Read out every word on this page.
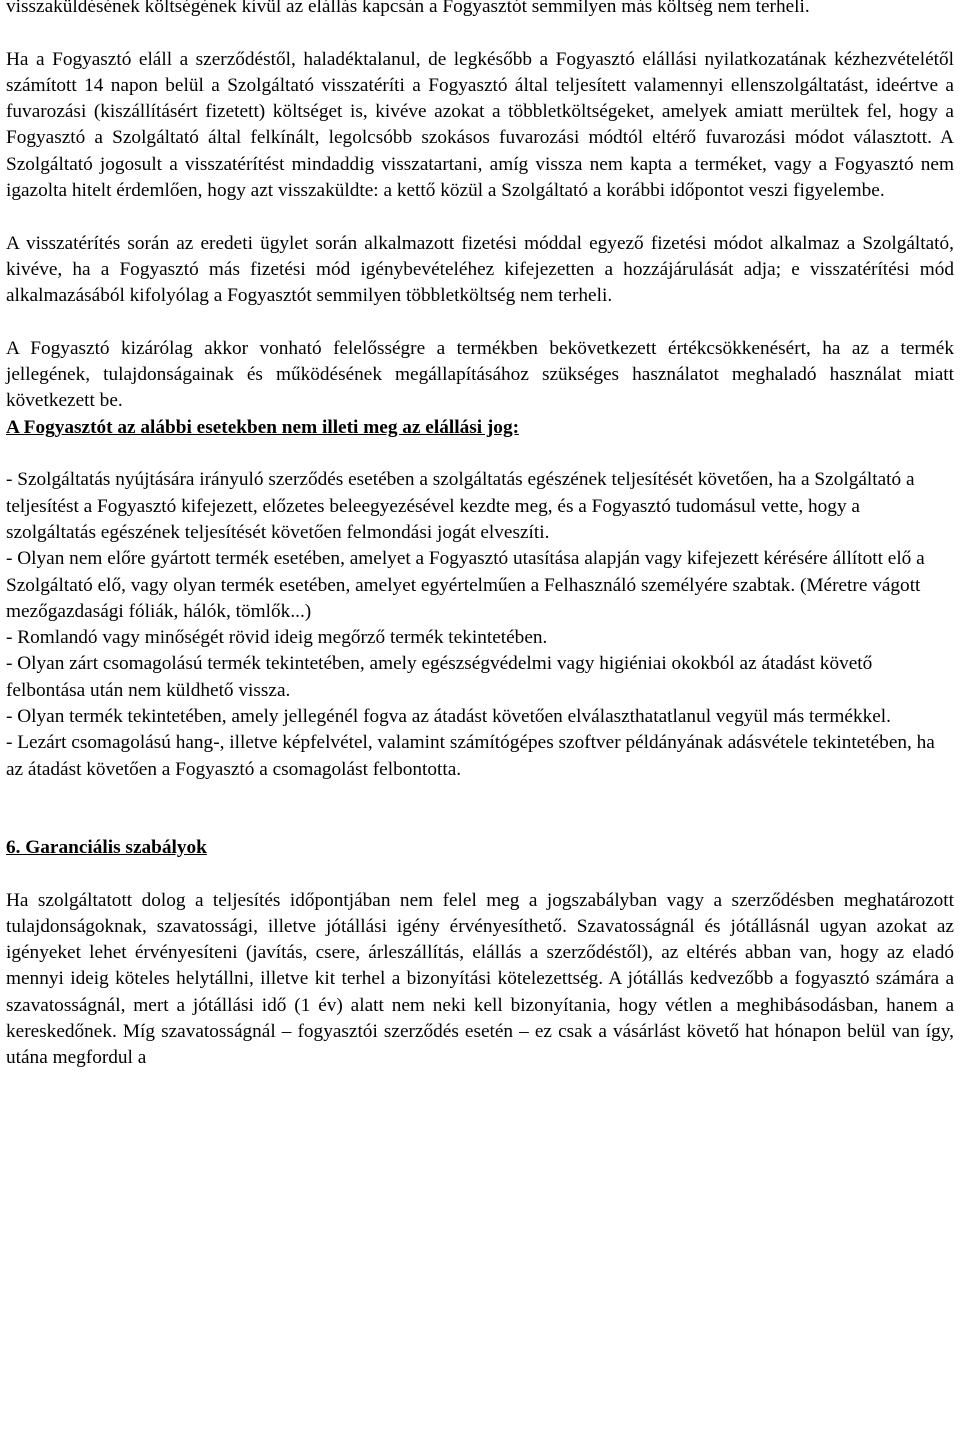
visszaküldésének költségének kívül az elállás kapcsán a Fogyasztót semmilyen más költség nem terheli.

Ha a Fogyasztó eláll a szerződéstől, haladéktalanul, de legkésőbb a Fogyasztó elállási nyilatkozatának kézhezvételétől számított 14 napon belül a Szolgáltató visszatéríti a Fogyasztó által teljesített valamennyi ellenszolgáltatást, ideértve a fuvarozási (kiszállításért fizetett) költséget is, kivéve azokat a többletköltségeket, amelyek amiatt merültek fel, hogy a Fogyasztó a Szolgáltató által felkínált, legolcsóbb szokásos fuvarozási módtól eltérő fuvarozási módot választott. A Szolgáltató jogosult a visszatérítést mindaddig visszatartani, amíg vissza nem kapta a terméket, vagy a Fogyasztó nem igazolta hitelt érdemlően, hogy azt visszaküldte: a kettő közül a Szolgáltató a korábbi időpontot veszi figyelembe.

A visszatérítés során az eredeti ügylet során alkalmazott fizetési móddal egyező fizetési módot alkalmaz a Szolgáltató, kivéve, ha a Fogyasztó más fizetési mód igénybevételéhez kifejezetten a hozzájárulását adja; e visszatérítési mód alkalmazásából kifolyólag a Fogyasztót semmilyen többletköltség nem terheli.

A Fogyasztó kizárólag akkor vonható felelősségre a termékben bekövetkezett értékcsökkenésért, ha az a termék jellegének, tulajdonságainak és működésének megállapításához szükséges használatot meghaladó használat miatt következett be.

A Fogyasztót az alábbi esetekben nem illeti meg az elállási jog:

- Szolgáltatás nyújtására irányuló szerződés esetében a szolgáltatás egészének teljesítését követően, ha a Szolgáltató a teljesítést a Fogyasztó kifejezett, előzetes beleegyezésével kezdte meg, és a Fogyasztó tudomásul vette, hogy a szolgáltatás egészének teljesítését követően felmondási jogát elveszíti.

- Olyan nem előre gyártott termék esetében, amelyet a Fogyasztó utasítása alapján vagy kifejezett kérésére állított elő a Szolgáltató elő, vagy olyan termék esetében, amelyet egyértelműen a Felhasználó személyére szabtak. (Méretre vágott mezőgazdasági fóliák, hálók, tömlők...)

- Romlandó vagy minőségét rövid ideig megőrző termék tekintetében.

- Olyan zárt csomagolású termék tekintetében, amely egészségvédelmi vagy higiéniai okokból az átadást követő felbontása után nem küldhető vissza.

- Olyan termék tekintetében, amely jellegénél fogva az átadást követően elválaszthatatlanul vegyül más termékkel.

- Lezárt csomagolású hang-, illetve képfelvétel, valamint számítógépes szoftver példányának adásvétele tekintetében, ha az átadást követően a Fogyasztó a csomagolást felbontotta.

6. Garanciális szabályok

Ha szolgáltatott dolog a teljesítés időpontjában nem felel meg a jogszabályban vagy a szerződésben meghatározott tulajdonságoknak, szavatossági, illetve jótállási igény érvényesíthető. Szavatosságnál és jótállásnál ugyan azokat az igényeket lehet érvényesíteni (javítás, csere, árleszállítás, elállás a szerződéstől), az eltérés abban van, hogy az eladó mennyi ideig köteles helytállni, illetve kit terhel a bizonyítási kötelezettség. A jótállás kedvezőbb a fogyasztó számára a szavatosságnál, mert a jótállási idő (1 év) alatt nem neki kell bizonyítania, hogy vétlen a meghibásodásban, hanem a kereskedőnek. Míg szavatosságnál – fogyasztói szerződés esetén – ez csak a vásárlást követő hat hónapon belül van így, utána megfordul a
